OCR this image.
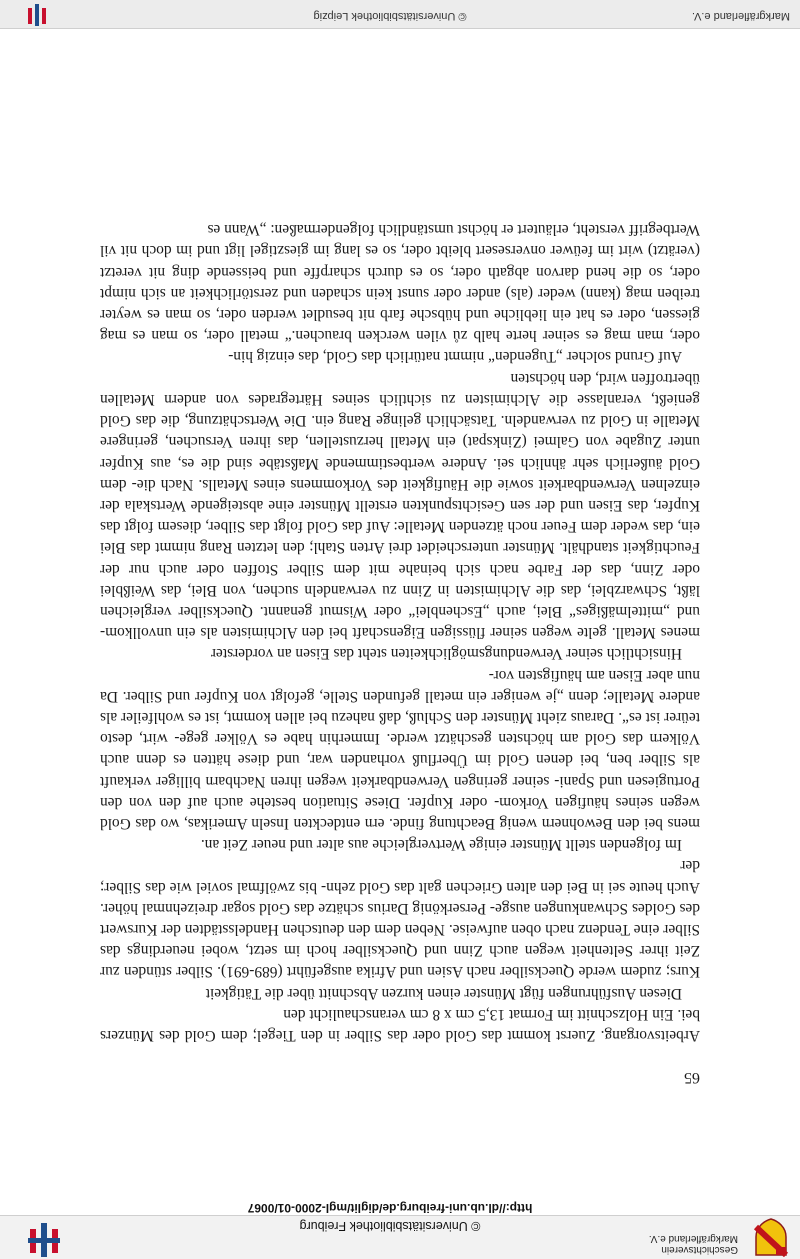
Geschichtsverein
Markgräflerland e.V.
© Universitätsbibliothek Freiburg
http://dl.ub.uni-freiburg.de/diglit/mgl-2000-01/0067
65

Arbeitsvorgang. Zuerst kommt das Gold oder das Silber in den Tiegel; dem Gold des Münzers bei. Ein Holzschnitt im Format 13,5 cm x 8 cm veranschaulicht den

Diesen Ausführungen fügt Münster einen kurzen Abschnitt über die Tätigkeit

Kurs; zudem werde Quecksilber nach Asien und Afrika ausgeführt (689-691). Silber stünden zur Zeit ihrer Seltenheit wegen auch Zinn und Quecksilber hoch im setzt, wobei neuerdings das Silber eine Tendenz nach oben aufweise. Neben dem den deutschen Handelsstädten der Kurswert des Goldes Schwankungen ausge- Perserkönig Darius schätze das Gold sogar dreizehnmal höher. Auch heute sei in Bei den alten Griechen galt das Gold zehn- bis zwölfmal soviel wie das Silber; der

Im folgenden stellt Münster einige Wertvergleiche aus alter und neuer Zeit an.

mens bei den Bewohnern wenig Beachtung finde. ern entdeckten Inseln Amerikas, wo das Gold wegen seines häufigen Vorkom- oder Kupfer. Diese Situation bestehe auch auf den von den Portugiesen und Spani- seiner geringen Verwendbarkeit wegen ihren Nachbarn billiger verkauft als Silber ben, bei denen Gold im Überfluß vorhanden war, und diese hätten es denn auch Völkern das Gold am höchsten geschätzt werde. Immerhin habe es Völker gege- wirt, desto teürer ist es“. Daraus zieht Münster den Schluß, daß nahezu bei allen kommt, ist es wohlfeiler als andere Metalle; denn „je weniger ein metall gefunden Stelle, gefolgt von Kupfer und Silber. Da nun aber Eisen am häufigsten vor-

Hinsichtlich seiner Verwendungsmöglichkeiten steht das Eisen an vorderster

menes Metall. gelte wegen seiner flüssigen Eigenschaft bei den Alchimisten als ein unvollkom- und „mittelmäßiges“ Blei, auch „Eschenblei“ oder Wismut genannt. Quecksilber vergleichen läßt, Schwarzblei, das die Alchimisten in Zinn zu verwandeln suchen, von Blei, das Weißblei oder Zinn, das der Farbe nach sich beinahe mit dem Silber Stoffen oder auch nur der Feuchtigkeit standhält. Münster unterscheidet drei Arten Stahl; den letzten Rang nimmt das Blei ein, das weder dem Feuer noch ätzenden Metalle: Auf das Gold folgt das Silber, diesem folgt das Kupfer, das Eisen und der sen Gesichtspunkten erstellt Münster eine absteigende Wertskala der einzelnen Verwendbarkeit sowie die Häufigkeit des Vorkommens eines Metalls. Nach die- dem Gold äußerlich sehr ähnlich sei. Andere wertbestimmende Maßstäbe sind die es, aus Kupfer unter Zugabe von Galmei (Zinkspat) ein Metall herzustellen, das ihren Versuchen, geringere Metalle in Gold zu verwandeln. Tatsächlich gelinge Rang ein. Die Wertschätzung, die das Gold genießt, veranlasse die Alchimisten zu sichtlich seines Härtegrades von andern Metallen übertroffen wird, den höchsten

Auf Grund solcher „Tugenden“ nimmt natürlich das Gold, das einzig hin-

oder, man mag es seiner herte halb zů vilen wercken brauchen.“ metall oder, so man es mag giessen, oder es hat ein liebliche und hübsche farb nit besudlet werden oder, so man es weyter treiben mag (kann) weder (als) ander oder sunst kein schaden und zerstörlichkeit an sich nimpt oder, so die hend darvon abgath oder, so es durch scharpffe und beissende ding nit veretzt (verätzt) wirt im feüwer onversesert bleibt oder, so es lang im giesztigel ligt und im doch nit vil Wertbegriff versteht, erläutert er höchst umständlich folgendermaßen: „Wann es

Markgräflerland e.V.
© Universitätsbibliothek Leipzig
